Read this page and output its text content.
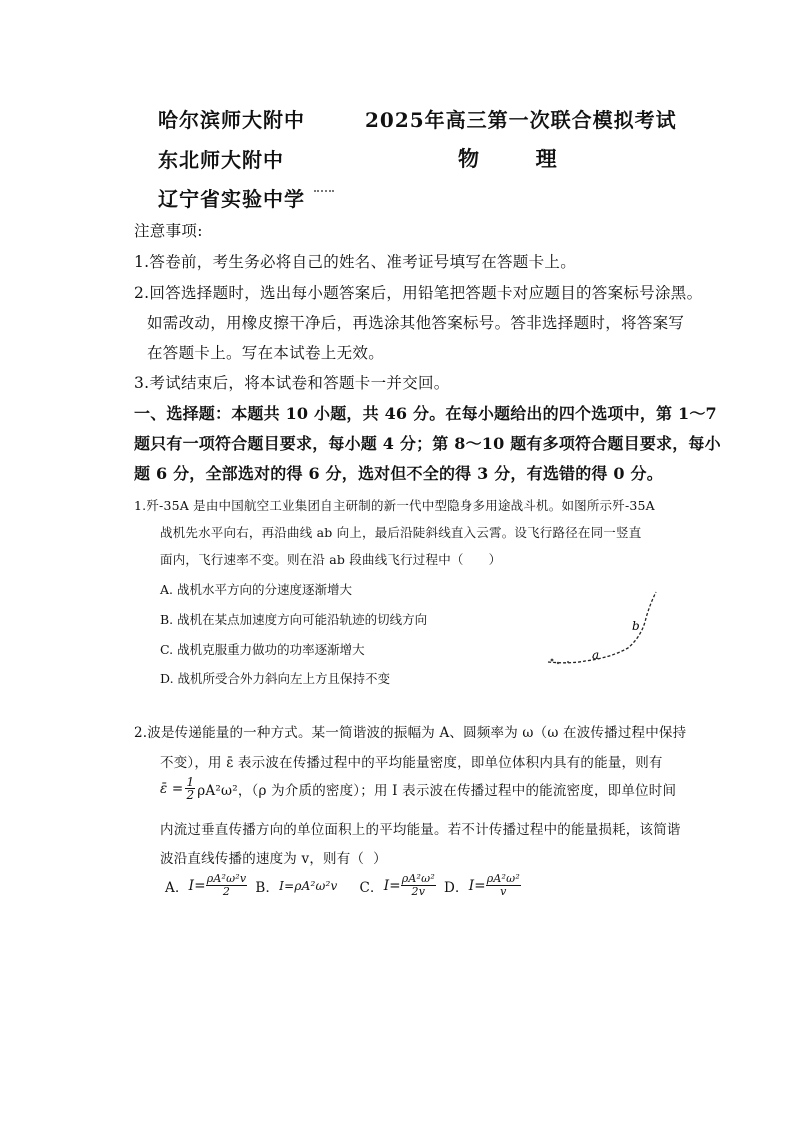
哈尔滨师大附中	2025年高三第一次联合模拟考试
东北师大附中	物  理
辽宁省实验中学
注意事项:
1.答卷前，考生务必将自己的姓名、准考证号填写在答题卡上。
2.回答选择题时，选出每小题答案后，用铅笔把答题卡对应题目的答案标号涂黑。
如需改动，用橡皮擦干净后，再选涂其他答案标号。答非选择题时，将答案写
在答题卡上。写在本试卷上无效。
3.考试结束后，将本试卷和答题卡一并交回。
一、选择题：本题共 10 小题，共 46 分。在每小题给出的四个选项中，第 1～7
题只有一项符合题目要求，每小题 4 分；第 8～10 题有多项符合题目要求，每小
题 6 分，全部选对的得 6 分，选对但不全的得 3 分，有选错的得 0 分。
1.歼-35A 是由中国航空工业集团自主研制的新一代中型隐身多用途战斗机。如图所示歼-35A
战机先水平向右，再沿曲线 ab 向上，最后沿陡斜线直入云霄。设飞行路径在同一竖直
面内，飞行速率不变。则在沿 ab 段曲线飞行过程中（      ）
A. 战机水平方向的分速度逐渐增大
B. 战机在某点加速度方向可能沿轨迹的切线方向
C. 战机克服重力做功的功率逐渐增大
D. 战机所受合外力斜向左上方且保持不变
a
b
2.波是传递能量的一种方式。某一简谐波的振幅为 A、圆频率为 ω（ω 在波传播过程中保持
不变），用 ε̄ 表示波在传播过程中的平均能量密度，即单位体积内具有的能量，则有
ε̄ = $\frac{1}{2} \rho A^2\omega^2$，（ρ 为介质的密度）；用 I 表示波在传播过程中的能流密度，即单位时间
内流过垂直传播方向的单位面积上的平均能量。若不计传播过程中的能量损耗，该简谐
波沿直线传播的速度为 v，则有（  ）
A． $I= \frac{\text{ρA²ω²v}}{2}$ B． I=ρA²ω²v C． $I= \frac{\text{ρA²ω²}}{2v}$ D． $I= \frac{\text{ρA²ω²}}{v}$
